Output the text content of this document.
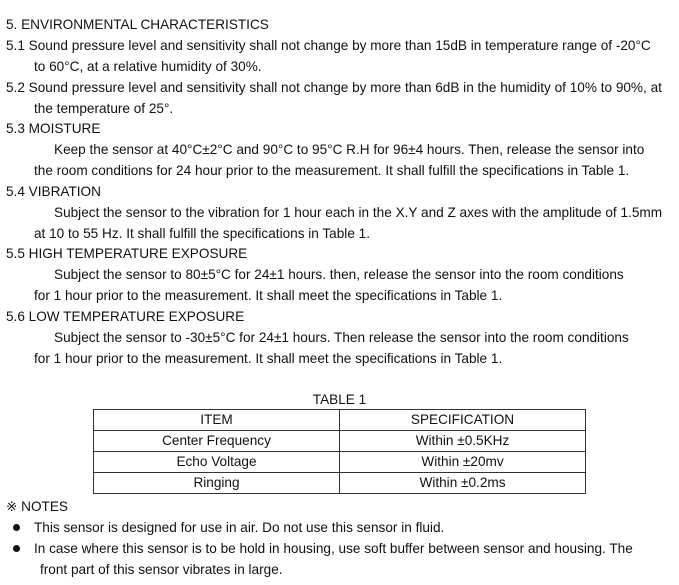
5. ENVIRONMENTAL CHARACTERISTICS
5.1 Sound pressure level and sensitivity shall not change by more than 15dB in temperature range of -20°C
to 60°C, at a relative humidity of 30%.
5.2 Sound pressure level and sensitivity shall not change by more than 6dB in the humidity of 10% to 90%, at
the temperature of 25°.
5.3 MOISTURE
Keep the sensor at 40°C±2°C and 90°C to 95°C R.H for 96±4 hours. Then, release the sensor into
the room conditions for 24 hour prior to the measurement. It shall fulfill the specifications in Table 1.
5.4 VIBRATION
Subject the sensor to the vibration for 1 hour each in the X.Y and Z axes with the amplitude of 1.5mm
at 10 to 55 Hz. It shall fulfill the specifications in Table 1.
5.5 HIGH TEMPERATURE EXPOSURE
Subject the sensor to 80±5°C for 24±1 hours. then, release the sensor into the room conditions
for 1 hour prior to the measurement. It shall meet the specifications in Table 1.
5.6 LOW TEMPERATURE EXPOSURE
Subject the sensor to -30±5°C for 24±1 hours. Then release the sensor into the room conditions
for 1 hour prior to the measurement. It shall meet the specifications in Table 1.
TABLE 1
ITEM	SPECIFICATION
Center Frequency	Within ±0.5KHz
Echo Voltage	Within ±20mv
Ringing	Within ±0.2ms
※ NOTES
This sensor is designed for use in air. Do not use this sensor in fluid.
In case where this sensor is to be hold in housing, use soft buffer between sensor and housing. The
front part of this sensor vibrates in large.
